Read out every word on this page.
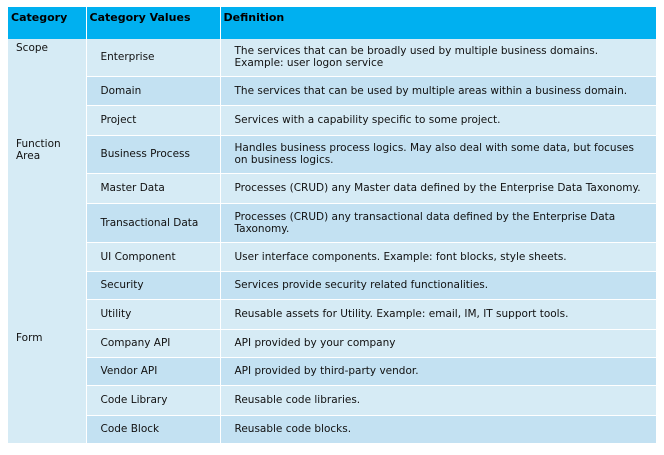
Category	Category Values	Definition
Scope	Enterprise	The services that can be broadly used by multiple business domains. Example: user logon service
	Domain	The services that can be used by multiple areas within a business domain.
	Project	Services with a capability specific to some project.
Function Area	Business Process	Handles business process logics. May also deal with some data, but focuses on business logics.
	Master Data	Processes (CRUD) any Master data defined by the Enterprise Data Taxonomy.
	Transactional Data	Processes (CRUD) any transactional data defined by the Enterprise Data Taxonomy.
	UI Component	User interface components. Example: font blocks, style sheets.
	Security	Services provide security related functionalities.
	Utility	Reusable assets for Utility. Example: email, IM, IT support tools.
Form	Company API	API provided by your company
	Vendor API	API provided by third-party vendor.
	Code Library	Reusable code libraries.
	Code Block	Reusable code blocks.
